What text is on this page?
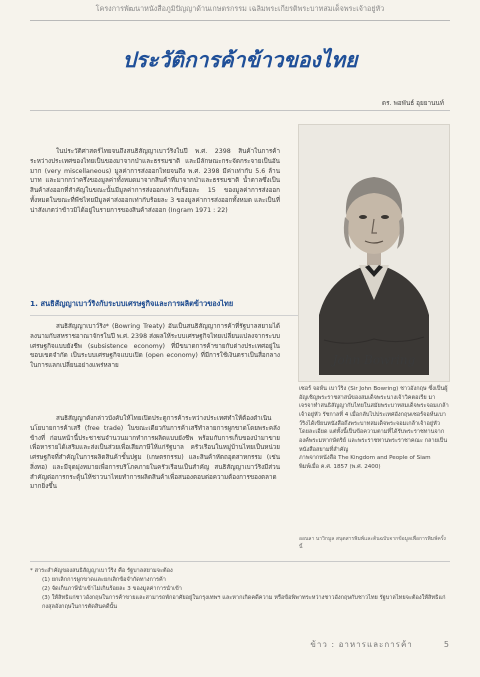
โครงการพัฒนาหนังสือภูมิปัญญาด้านเกษตรกรรม เฉลิมพระเกียรติพระบาทสมเด็จพระเจ้าอยู่หัว
ประวัติการค้าข้าวของไทย
ดร. พอพันธ์ อุยยานนท์

ในประวัติศาสตร์ไทยจนถึงสนธิสัญญาเบาว์ริงในปี พ.ศ. 2398 สินค้าในการค้าระหว่างประเทศของไทยเป็นของมาจากป่าและธรรมชาติ และมีลักษณะกระจัดกระจายเป็นอันมาก (very miscellaneous) มูลค่าการส่งออกไทยจนถึง พ.ศ. 2398 มีค่าเท่ากับ 5.6 ล้านบาท และมากกว่าครึ่งของมูลค่าทั้งหมดมาจากสินค้าที่มาจากป่าและธรรมชาติ น้ำตาลซึ่งเป็นสินค้าส่งออกที่สำคัญในขณะนั้นมีมูลค่าการส่งออกเท่ากับร้อยละ 15 ของมูลค่าการส่งออกทั้งหมดในขณะที่พืชไทยมีมูลค่าส่งออกเท่ากับร้อยละ 3 ของมูลค่าการส่งออกทั้งหมด และเป็นที่น่าสังเกตว่าข้าวมิได้อยู่ในรายการของสินค้าส่งออก (Ingram 1971 : 22)

1. สนธิสัญญาเบาว์ริงกับระบบเศรษฐกิจและการผลิตข้าวของไทย

สนธิสัญญาเบาว์ริง* (Bowring Treaty) อันเป็นสนธิสัญญาการค้าที่รัฐบาลสยามได้ลงนามกับสหราชอาณาจักรในปี พ.ศ. 2398 ส่งผลให้ระบบเศรษฐกิจไทยเปลี่ยนแปลงจากระบบเศรษฐกิจแบบยังชีพ (subsistence economy) ที่มีขนาดการค้าขายกับต่างประเทศอยู่ในขอบเขตจำกัด เป็นระบบเศรษฐกิจแบบเปิด (open economy) ที่มีการใช้เงินตราเป็นสื่อกลางในการแลกเปลี่ยนอย่างแพร่หลาย

สนธิสัญญาดังกล่าวบังคับให้ไทยเปิดประตูการค้าระหว่างประเทศทำให้ต้องดำเนินนโยบายการค้าเสรี (free trade) ในขณะเดียวกันการค้าเสรีทำลายการผูกขาดโดยพระคลังข้างที่ ก่อนหน้านี้ประชาชนจำนวนมากทำการผลิตแบบยังชีพ พร้อมกับการเก็บของป่ามาขายเพื่อหารายได้เสริมและส่งเป็นส่วยเพื่อเสียภาษีให้แก่รัฐบาล ครัวเรือนในหมู่บ้านไทยเป็นหน่วยเศรษฐกิจที่สำคัญในการผลิตสินค้าขั้นปฐม (เกษตรกรรม) และสินค้าหัตถอุตสาหกรรม (เช่น สิ่งทอ) และมีจุดมุ่งหมายเพื่อการบริโภคภายในครัวเรือนเป็นสำคัญ สนธิสัญญาเบาว์ริงมีส่วนสำคัญต่อการกระตุ้นให้ชาวนาไทยทำการผลิตสินค้าเพื่อสนองตอบต่อความต้องการของตลาดมากยิ่งขึ้น

John Bowring

เซอร์ จอห์น เบาว์ริง (Sir John Bowring) ชาวอังกฤษ ซึ่งเป็นผู้อัญเชิญพระราชสาสน์ของสมเด็จพระนางเจ้าวิคตอเรีย มาเจรจาทำสนธิสัญญากับไทยในสมัยพระบาทสมเด็จพระจอมเกล้าเจ้าอยู่หัว รัชกาลที่ 4 เมื่อกลับไปประเทศอังกฤษเซอร์จอห์นเบาว์ริงได้เขียนหนังสือถึงพระบาทสมเด็จพระจอมเกล้าเจ้าอยู่หัวโดยละเอียด แต่ทั้งนี้เป็นข้อความตามที่ได้รับพระราชทานจากองค์พระมหากษัตริย์ และพระราชทานพระราชาคณะ กลายเป็นหนังสือสยามที่สำคัญ

ภาพจากหนังสือ The Kingdom and People of Siam

พิมพ์เมื่อ ค.ศ. 1857 (พ.ศ. 2400)

ออนลา นาวิกมูล สนุตสารพิมพ์และต้นฉบับจากข้อมูลเพื่อการพิมพ์ครั้งนี้

* สาระสำคัญของสนธิสัญญาเบาว์ริง คือ รัฐบาลสยามจะต้อง

(1) ยกเลิกการผูกขาดและยกเลิกข้อจำกัดทางการค้า

(2) จัดเก็บภาษีนำเข้าไม่เกินร้อยละ 3 ของมูลค่าการนำเข้า

(3) ให้สิทธิแก่ชาวอังกฤษในการค้าขายและสามารถพักอาศัยอยู่ในกรุงเทพฯ และหากเกิดคดีความ หรือข้อพิพาทระหว่างชาวอังกฤษกับชาวไทย รัฐบาลไทยจะต้องให้สิทธิแก่กงสุลอังกฤษในการตัดสินคดีนั้น

ข้าว : อาหารและการค้า	5
